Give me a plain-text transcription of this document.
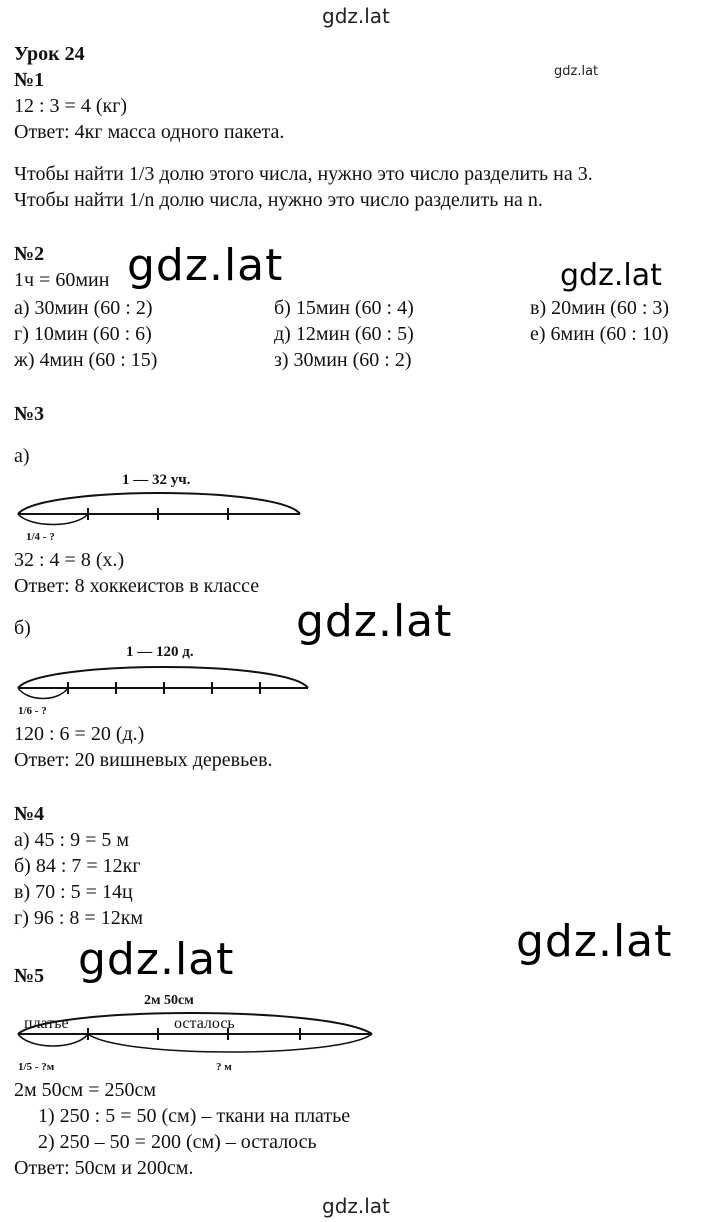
gdz.lat
gdz.lat
gdz.lat	gdz.lat
gdz.lat
gdz.lat
gdz.lat
gdz.lat
Урок 24
№1
12 : 3 = 4 (кг)
Ответ: 4кг масса одного пакета.
Чтобы найти 1/3 долю этого числа, нужно это число разделить на 3.
Чтобы найти 1/n долю числа, нужно это число разделить на n.
№2
1ч = 60мин
а) 30мин (60 : 2)	б) 15мин (60 : 4)	в) 20мин (60 : 3)
г) 10мин (60 : 6)	д) 12мин (60 : 5)	е) 6мин (60 : 10)
ж) 4мин (60 : 15)	з) 30мин (60 : 2)
№3
а)
1 — 32 уч.
1/4 - ?
32 : 4 = 8 (х.)
Ответ: 8 хоккеистов в классе
б)
1 — 120 д.
1/6 - ?
120 : 6 = 20 (д.)
Ответ: 20 вишневых деревьев.
№4
а) 45 : 9 = 5 м
б) 84 : 7 = 12кг
в) 70 : 5 = 14ц
г) 96 : 8 = 12км
№5
2м 50см
платье	осталось
1/5 - ?м	? м
2м 50см = 250см
1) 250 : 5 = 50 (см) – ткани на платье
2) 250 – 50 = 200 (см) – осталось
Ответ: 50см и 200см.
